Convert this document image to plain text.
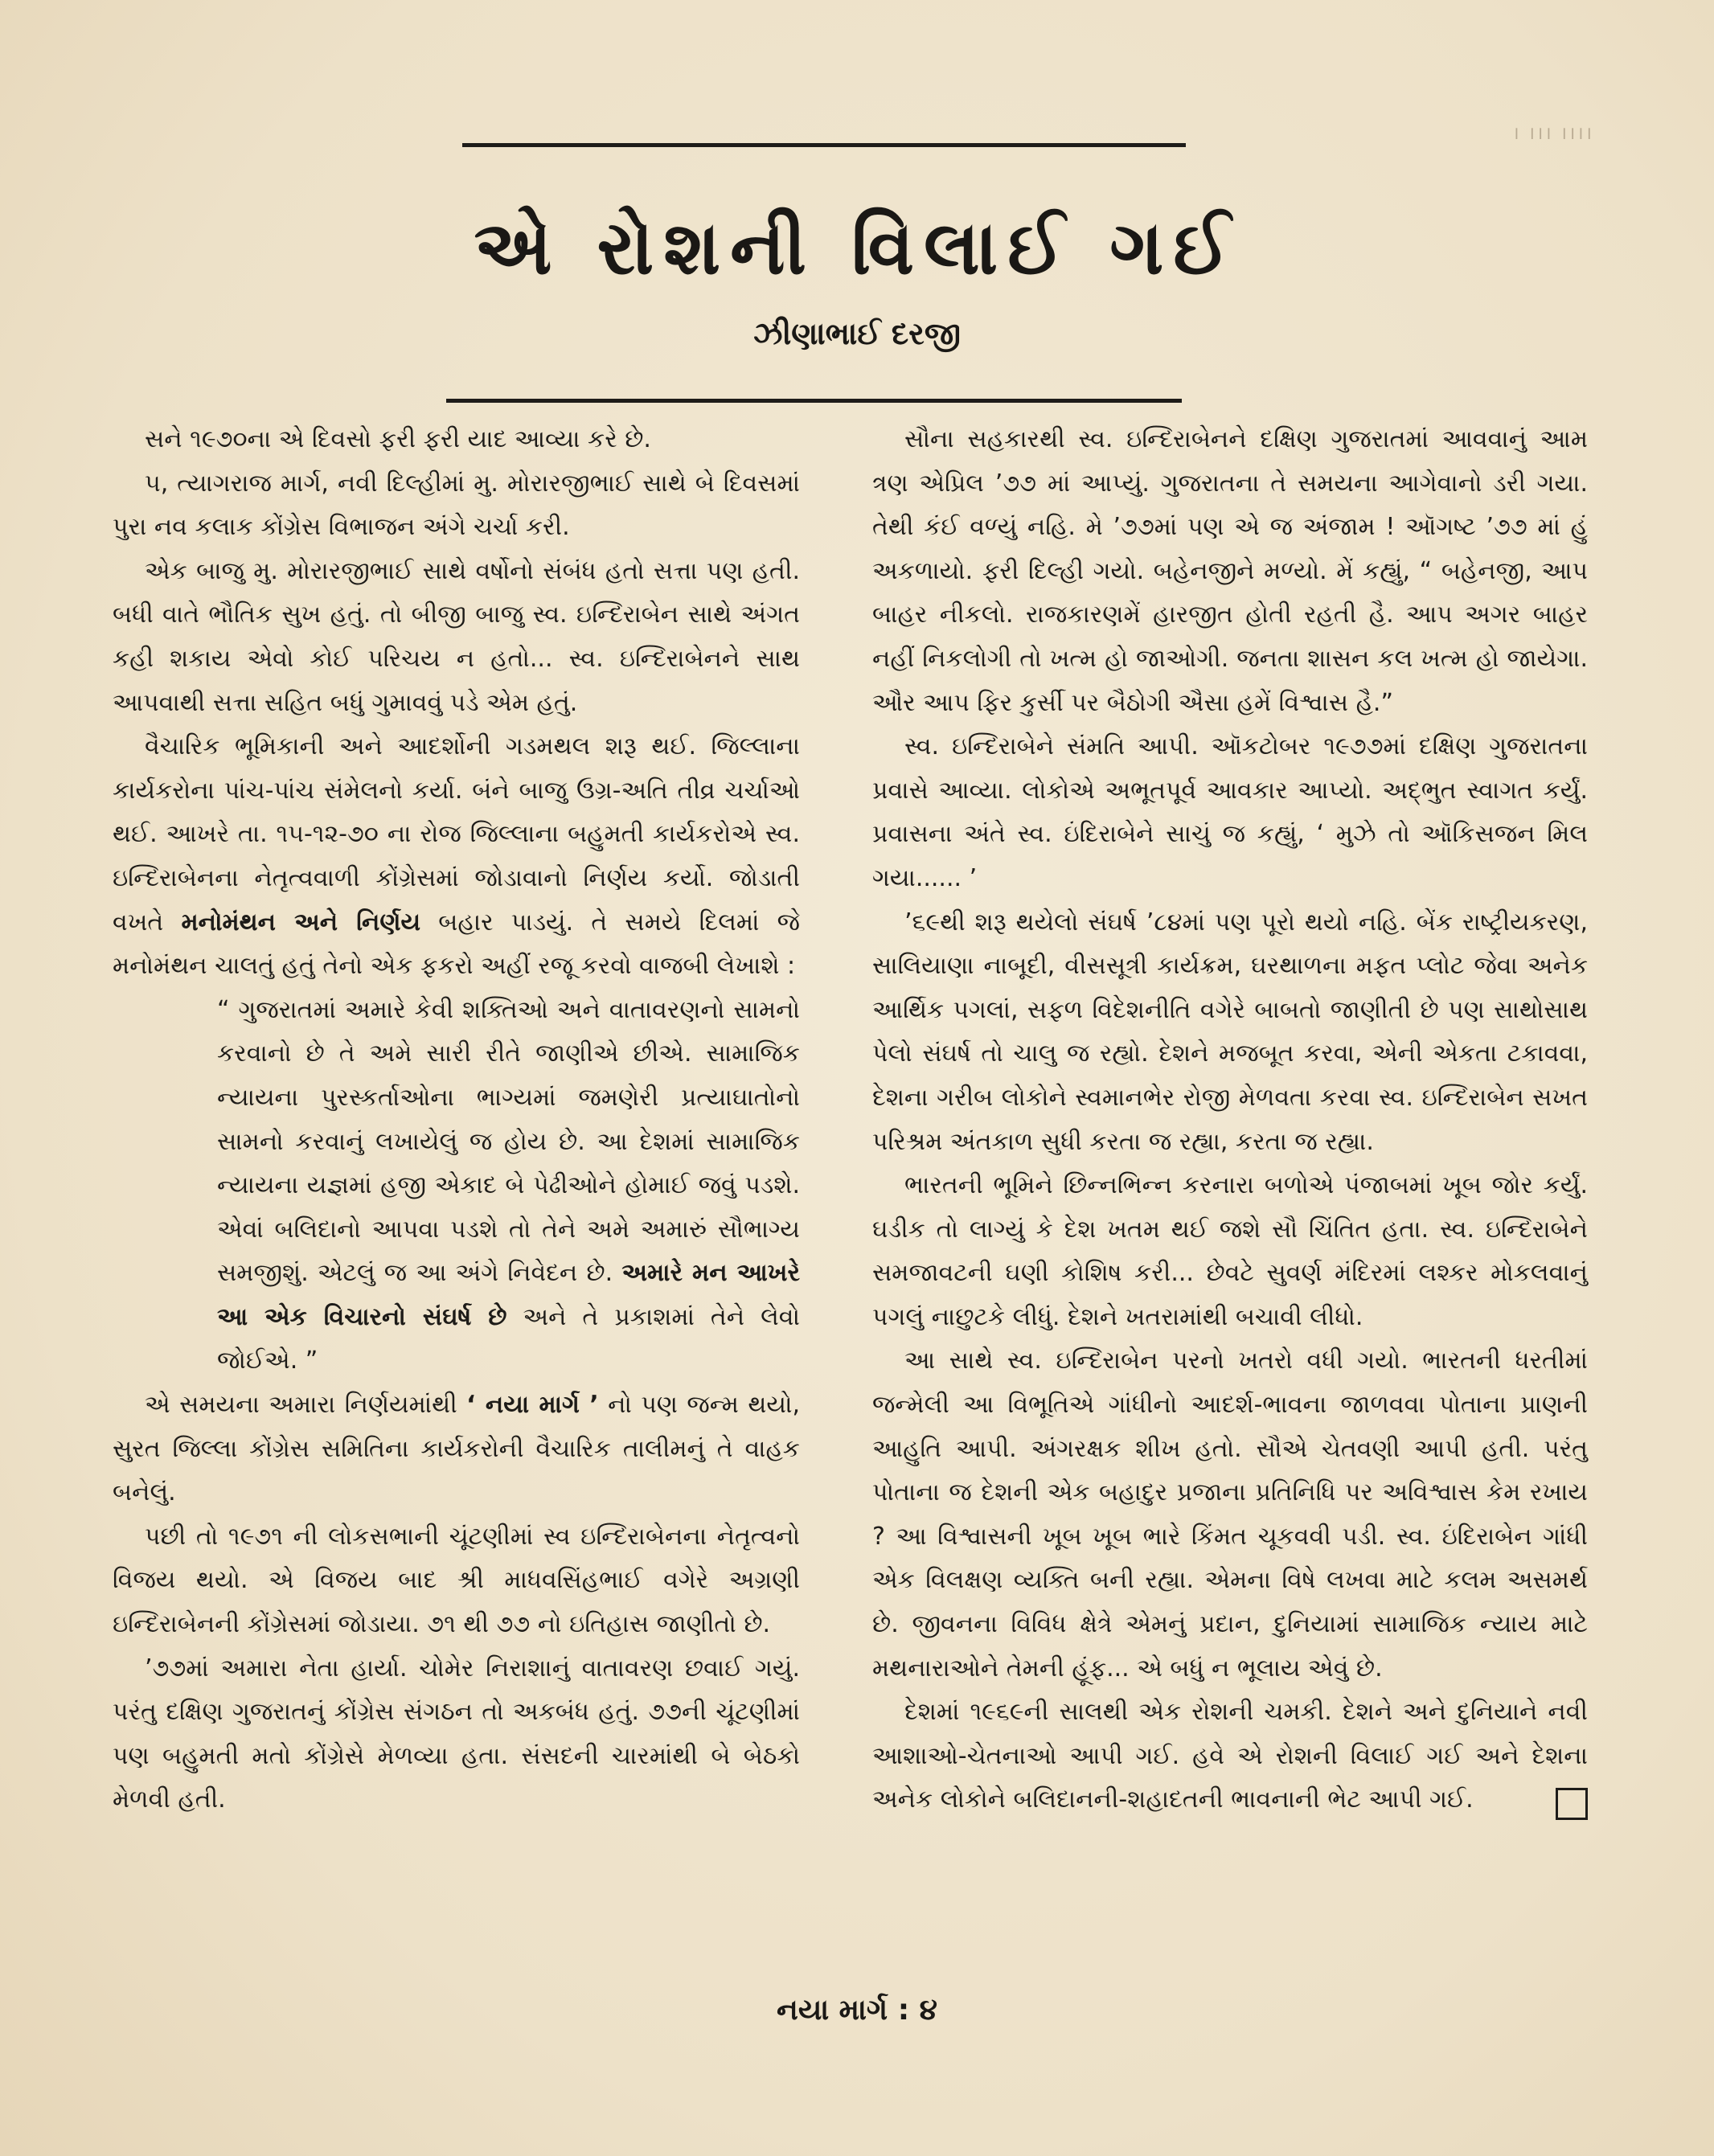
। ।।। ।।।।
એ રોશની વિલાઈ ગઈ
ઝીણાભાઈ દરજી

સને ૧૯૭૦ના એ દિવસો ફરી ફરી યાદ આવ્યા કરે છે.

૫, ત્યાગરાજ માર્ગ, નવી દિલ્હીમાં મુ. મોરારજીભાઈ સાથે બે દિવસમાં પુરા નવ કલાક કોંગ્રેસ વિભાજન અંગે ચર્ચા કરી.

એક બાજુ મુ. મોરારજીભાઈ સાથે વર્ષોનો સંબંધ હતો સત્તા પણ હતી. બધી વાતે ભૌતિક સુખ હતું. તો બીજી બાજુ સ્વ. ઇન્દિરાબેન સાથે અંગત કહી શકાય એવો કોઈ પરિચય ન હતો... સ્વ. ઇન્દિરાબેનને સાથ આપવાથી સત્તા સહિત બધું ગુમાવવું પડે એમ હતું.

વૈચારિક ભૂમિકાની અને આદર્શોની ગડમથલ શરૂ થઈ. જિલ્લાના કાર્યકરોના પાંચ-પાંચ સંમેલનો કર્યા. બંને બાજુ ઉગ્ર-અતિ તીવ્ર ચર્ચાઓ થઈ. આખરે તા. ૧૫-૧૨-૭૦ ના રોજ જિલ્લાના બહુમતી કાર્યકરોએ સ્વ. ઇન્દિરાબેનના નેતૃત્વવાળી કોંગ્રેસમાં જોડાવાનો નિર્ણય કર્યો. જોડાતી વખતે મનોમંથન અને નિર્ણય બહાર પાડયું. તે સમયે દિલમાં જે મનોમંથન ચાલતું હતું તેનો એક ફકરો અહીં રજૂ કરવો વાજબી લેખાશે :

“ ગુજરાતમાં અમારે કેવી શક્તિઓ અને વાતાવરણનો સામનો કરવાનો છે તે અમે સારી રીતે જાણીએ છીએ. સામાજિક ન્યાયના પુરસ્કર્તાઓના ભાગ્યમાં જમણેરી પ્રત્યાઘાતોનો સામનો કરવાનું લખાયેલું જ હોય છે. આ દેશમાં સામાજિક ન્યાયના યજ્ઞમાં હજી એકાદ બે પેઢીઓને હોમાઈ જવું પડશે. એવાં બલિદાનો આપવા પડશે તો તેને અમે અમારું સૌભાગ્ય સમજીશું. એટલું જ આ અંગે નિવેદન છે. અમારે મન આખરે આ એક વિચારનો સંઘર્ષ છે અને તે પ્રકાશમાં તેને લેવો જોઈએ. ”

એ સમયના અમારા નિર્ણયમાંથી ‘ નયા માર્ગ ’ નો પણ જન્મ થયો, સુરત જિલ્લા કોંગ્રેસ સમિતિના કાર્યકરોની વૈચારિક તાલીમનું તે વાહક બનેલું.

પછી તો ૧૯૭૧ ની લોકસભાની ચૂંટણીમાં સ્વ ઇન્દિરાબેનના નેતૃત્વનો વિજય થયો. એ વિજય બાદ શ્રી માધવસિંહભાઈ વગેરે અગ્રણી ઇન્દિરાબેનની કોંગ્રેસમાં જોડાયા. ૭૧ થી ૭૭ નો ઇતિહાસ જાણીતો છે.

’૭૭માં અમારા નેતા હાર્યા. ચોમેર નિરાશાનું વાતાવરણ છવાઈ ગયું. પરંતુ દક્ષિણ ગુજરાતનું કોંગ્રેસ સંગઠન તો અકબંધ હતું. ૭૭ની ચૂંટણીમાં પણ બહુમતી મતો કોંગ્રેસે મેળવ્યા હતા. સંસદની ચારમાંથી બે બેઠકો મેળવી હતી.

સૌના સહકારથી સ્વ. ઇન્દિરાબેનને દક્ષિણ ગુજરાતમાં આવવાનું આમ ત્રણ એપ્રિલ ’૭૭ માં આપ્યું. ગુજરાતના તે સમયના આગેવાનો ડરી ગયા. તેથી કંઈ વળ્યું નહિ. મે ’૭૭માં પણ એ જ અંજામ ! ઑગષ્ટ ’૭૭ માં હું અકળાયો. ફરી દિલ્હી ગયો. બહેનજીને મળ્યો. મેં કહ્યું, “ બહેનજી, આપ બાહર નીકલો. રાજકારણમેં હારજીત હોતી રહતી હૈ. આપ અગર બાહર નહીં નિકલોગી તો ખત્મ હો જાઓગી. જનતા શાસન કલ ખત્મ હો જાયેગા. ઔર આપ ફિર કુર્સી પર બૈઠોગી ઐસા હમેં વિશ્વાસ હૈ.”

સ્વ. ઇન્દિરાબેને સંમતિ આપી. ઑકટોબર ૧૯૭૭માં દક્ષિણ ગુજરાતના પ્રવાસે આવ્યા. લોકોએ અભૂતપૂર્વ આવકાર આપ્યો. અદ્ભુત સ્વાગત કર્યું. પ્રવાસના અંતે સ્વ. ઇંદિરાબેને સાચું જ કહ્યું, ‘ મુઝે તો ઑકિસજન મિલ ગયા...... ’

’૬૯થી શરૂ થયેલો સંઘર્ષ ’૮૪માં પણ પૂરો થયો નહિ. બેંક રાષ્ટ્રીયકરણ, સાલિયાણા નાબૂદી, વીસસૂત્રી કાર્યક્રમ, ઘરથાળના મફત પ્લોટ જેવા અનેક આર્થિક પગલાં, સફળ વિદેશનીતિ વગેરે બાબતો જાણીતી છે પણ સાથોસાથ પેલો સંઘર્ષ તો ચાલુ જ રહ્યો. દેશને મજબૂત કરવા, એની એકતા ટકાવવા, દેશના ગરીબ લોકોને સ્વમાનભેર રોજી મેળવતા કરવા સ્વ. ઇન્દિરાબેન સખત પરિશ્રમ અંતકાળ સુધી કરતા જ રહ્યા, કરતા જ રહ્યા.

ભારતની ભૂમિને છિન્નભિન્ન કરનારા બળોએ પંજાબમાં ખૂબ જોર કર્યું. ઘડીક તો લાગ્યું કે દેશ ખતમ થઈ જશે સૌ ચિંતિત હતા. સ્વ. ઇન્દિરાબેને સમજાવટની ઘણી કોશિષ કરી... છેવટે સુવર્ણ મંદિરમાં લશ્કર મોકલવાનું પગલું નાછુટકે લીધું. દેશને ખતરામાંથી બચાવી લીધો.

આ સાથે સ્વ. ઇન્દિરાબેન પરનો ખતરો વધી ગયો. ભારતની ધરતીમાં જન્મેલી આ વિભૂતિએ ગાંધીનો આદર્શ-ભાવના જાળવવા પોતાના પ્રાણની આહુતિ આપી. અંગરક્ષક શીખ હતો. સૌએ ચેતવણી આપી હતી. પરંતુ પોતાના જ દેશની એક બહાદુર પ્રજાના પ્રતિનિધિ પર અવિશ્વાસ કેમ રખાય ? આ વિશ્વાસની ખૂબ ખૂબ ભારે કિંમત ચૂકવવી પડી. સ્વ. ઇંદિરાબેન ગાંધી એક વિલક્ષણ વ્યક્તિ બની રહ્યા. એમના વિષે લખવા માટે કલમ અસમર્થ છે. જીવનના વિવિધ ક્ષેત્રે એમનું પ્રદાન, દુનિયામાં સામાજિક ન્યાય માટે મથનારાઓને તેમની હૂંફ... એ બધું ન ભૂલાય એવું છે.

દેશમાં ૧૯૬૯ની સાલથી એક રોશની ચમકી. દેશને અને દુનિયાને નવી આશાઓ-ચેતનાઓ આપી ગઈ. હવે એ રોશની વિલાઈ ગઈ અને દેશના અનેક લોકોને બલિદાનની-શહાદતની ભાવનાની ભેટ આપી ગઈ.

નયા માર્ગ : ૪
